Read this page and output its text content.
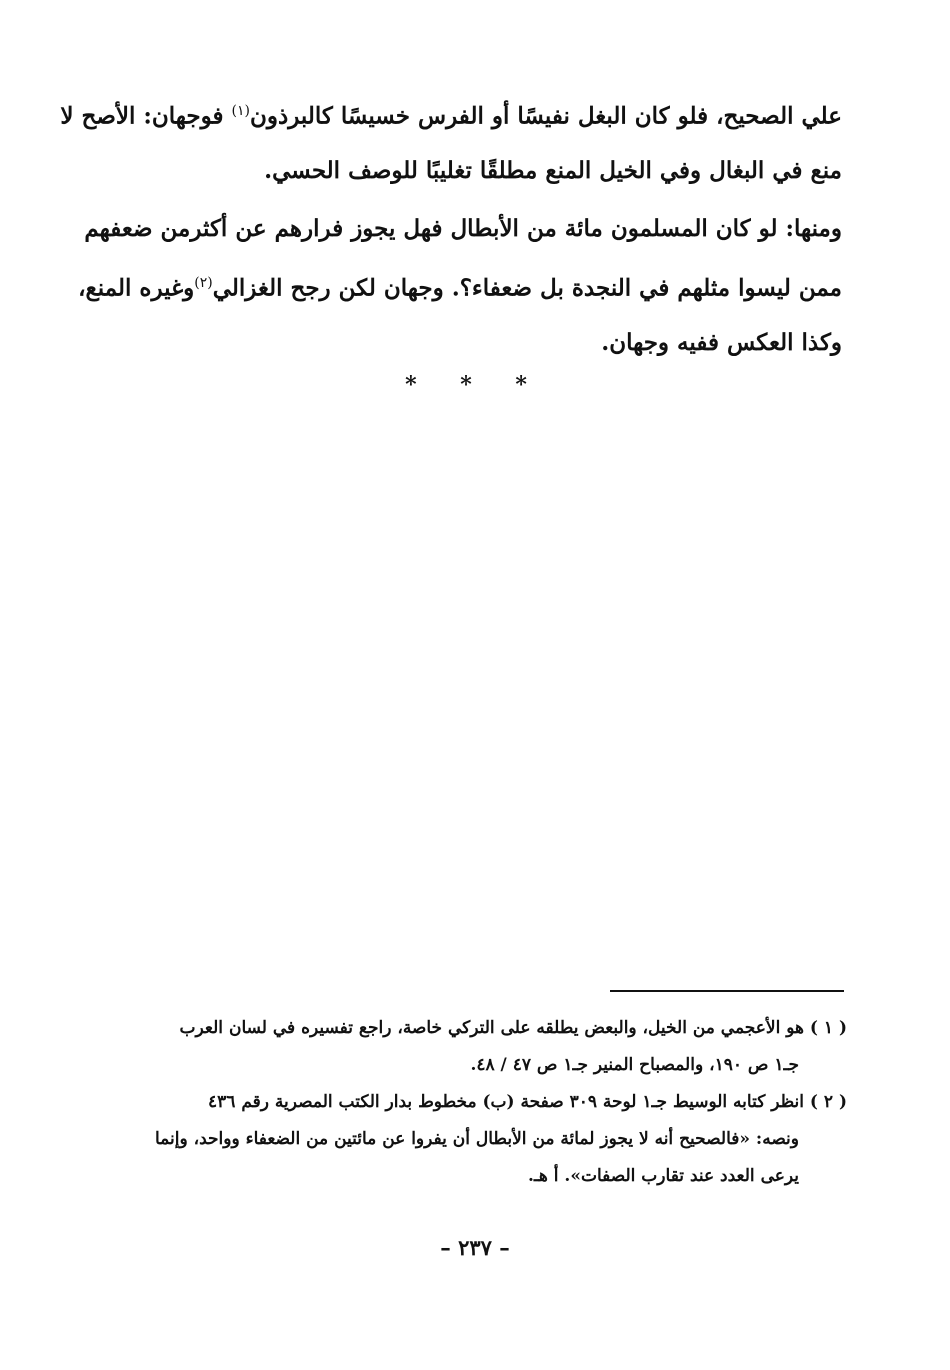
علي الصحيح، فلو كان البغل نفيسًا أو الفرس خسيسًا كالبرذون$^{(١)}$ فوجهان: الأصح لا
منع في البغال وفي الخيل المنع مطلقًا تغليبًا للوصف الحسي.
ومنها: لو كان المسلمون مائة من الأبطال فهل يجوز فرارهم عن أكثرمن ضعفهم
ممن ليسوا مثلهم في النجدة بل ضعفاء؟. وجهان لكن رجح الغزالي$^{(٢)}$وغيره المنع،
وكذا العكس ففيه وجهان.
* * *
( ١ ) هو الأعجمي من الخيل، والبعض يطلقه على التركي خاصة، راجع تفسيره في لسان العرب
جـ١ ص ١٩٠، والمصباح المنير جـ١ ص ٤٧ / ٤٨.
( ٢ ) انظر كتابه الوسيط جـ١ لوحة ٣٠٩ صفحة (ب) مخطوط بدار الكتب المصرية رقم ٤٣٦
ونصه: «فالصحيح أنه لا يجوز لمائة من الأبطال أن يفروا عن مائتين من الضعفاء وواحد، وإنما
يرعى العدد عند تقارب الصفات». أ هـ.
– ٢٣٧ –
